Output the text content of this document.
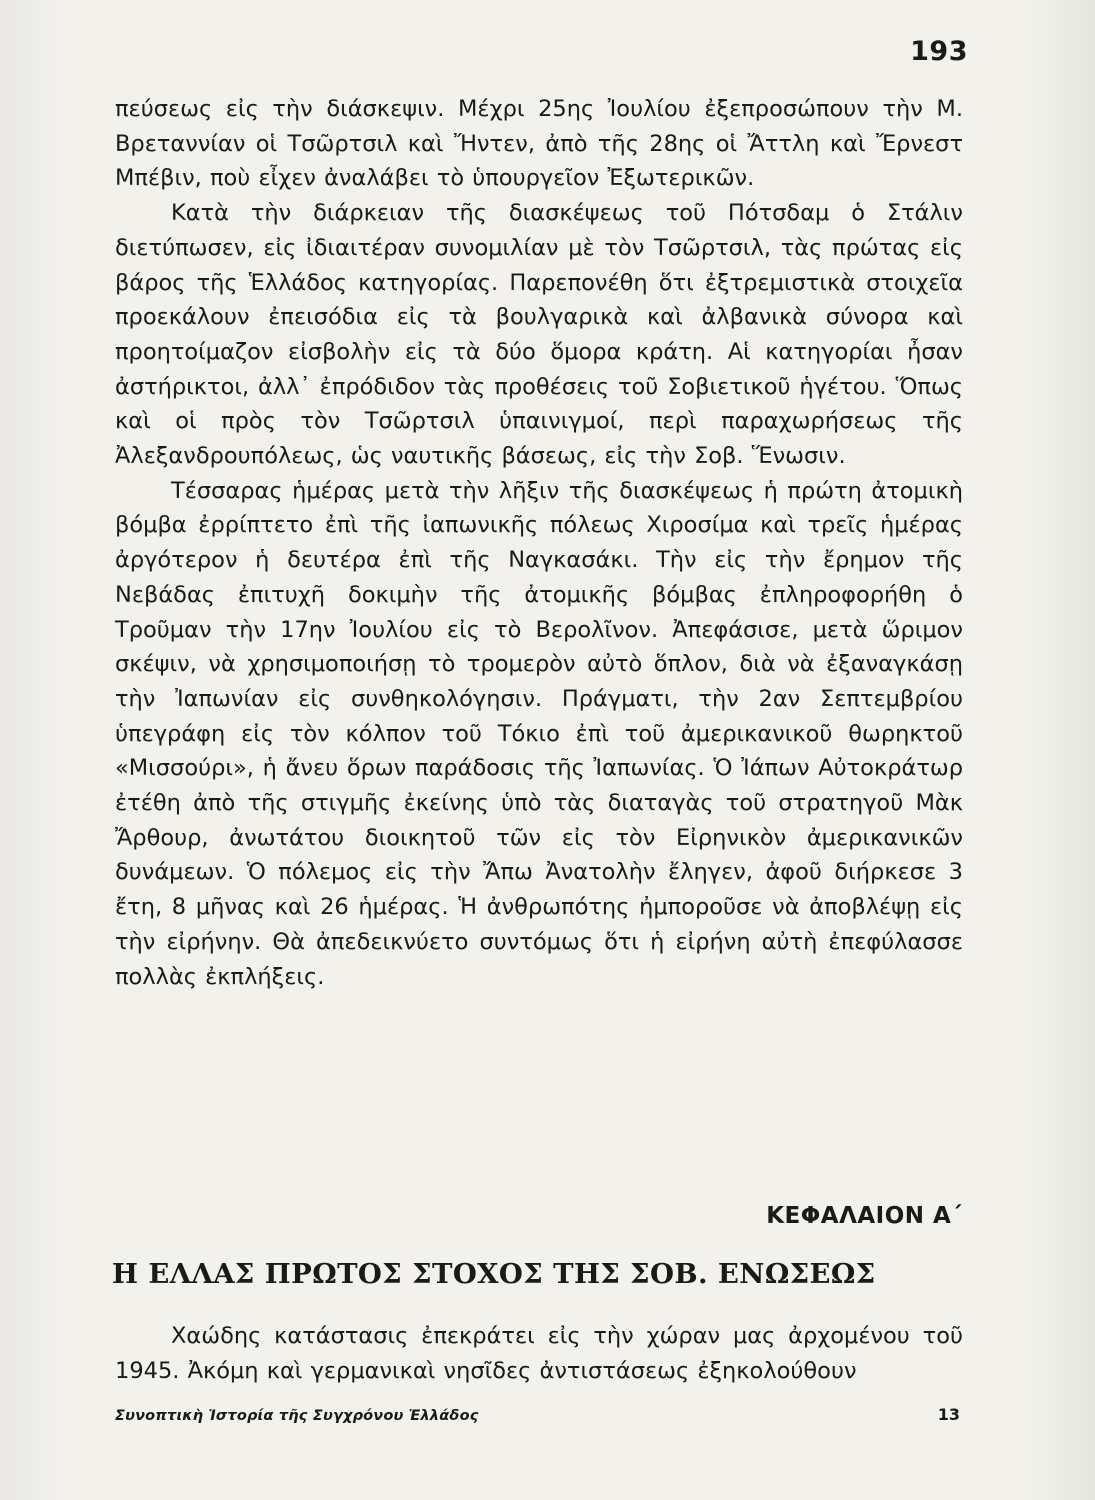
193

πεύσεως εἰς τὴν διάσκεψιν. Μέχρι 25ης Ἰουλίου ἐξεπροσώπουν τὴν Μ. Βρεταννίαν οἱ Τσῶρτσιλ καὶ Ἤντεν, ἀπὸ τῆς 28ης οἱ Ἄττλη καὶ Ἔρνεστ Μπέβιν, ποὺ εἶχεν ἀναλάβει τὸ ὑπουργεῖον Ἐξωτερικῶν.

Κατὰ τὴν διάρκειαν τῆς διασκέψεως τοῦ Πότσδαμ ὁ Στάλιν διετύπωσεν, εἰς ἰδιαιτέραν συνομιλίαν μὲ τὸν Τσῶρτσιλ, τὰς πρώτας εἰς βάρος τῆς Ἑλλάδος κατηγορίας. Παρεπονέθη ὅτι ἐξτρεμιστικὰ στοιχεῖα προεκάλουν ἐπεισόδια εἰς τὰ βουλγαρικὰ καὶ ἀλβανικὰ σύνορα καὶ προητοίμαζον εἰσβολὴν εἰς τὰ δύο ὅμορα κράτη. Αἱ κατηγορίαι ἦσαν ἀστήρικτοι, ἀλλ᾽ ἐπρόδιδον τὰς προθέσεις τοῦ Σοβιετικοῦ ἡγέτου. Ὅπως καὶ οἱ πρὸς τὸν Τσῶρτσιλ ὑπαινιγμοί, περὶ παραχωρήσεως τῆς Ἀλεξανδρουπόλεως, ὡς ναυτικῆς βάσεως, εἰς τὴν Σοβ. Ἕνωσιν.

Τέσσαρας ἡμέρας μετὰ τὴν λῆξιν τῆς διασκέψεως ἡ πρώτη ἀτομικὴ βόμβα ἐρρίπτετο ἐπὶ τῆς ἰαπωνικῆς πόλεως Χιροσίμα καὶ τρεῖς ἡμέρας ἀργότερον ἡ δευτέρα ἐπὶ τῆς Ναγκασάκι. Τὴν εἰς τὴν ἔρημον τῆς Νεβάδας ἐπιτυχῆ δοκιμὴν τῆς ἀτομικῆς βόμβας ἐπληροφορήθη ὁ Τροῦμαν τὴν 17ην Ἰουλίου εἰς τὸ Βερολῖνον. Ἀπεφάσισε, μετὰ ὥριμον σκέψιν, νὰ χρησιμοποιήσῃ τὸ τρομερὸν αὐτὸ ὅπλον, διὰ νὰ ἐξαναγκάσῃ τὴν Ἰαπωνίαν εἰς συνθηκολόγησιν. Πράγματι, τὴν 2αν Σεπτεμβρίου ὑπεγράφη εἰς τὸν κόλπον τοῦ Τόκιο ἐπὶ τοῦ ἀμερικανικοῦ θωρηκτοῦ «Μισσούρι», ἡ ἄνευ ὅρων παράδοσις τῆς Ἰαπωνίας. Ὁ Ἰάπων Αὐτοκράτωρ ἐτέθη ἀπὸ τῆς στιγμῆς ἐκείνης ὑπὸ τὰς διαταγὰς τοῦ στρατηγοῦ Μὰκ Ἄρθουρ, ἀνωτάτου διοικητοῦ τῶν εἰς τὸν Εἰρηνικὸν ἀμερικανικῶν δυνάμεων. Ὁ πόλεμος εἰς τὴν Ἄπω Ἀνατολὴν ἔληγεν, ἀφοῦ διήρκεσε 3 ἔτη, 8 μῆνας καὶ 26 ἡμέρας. Ἡ ἀνθρωπότης ἠμποροῦσε νὰ ἀποβλέψῃ εἰς τὴν εἰρήνην. Θὰ ἀπεδεικνύετο συντόμως ὅτι ἡ εἰρήνη αὐτὴ ἐπεφύλασσε πολλὰς ἐκπλήξεις.

ΚΕΦΑΛΑΙΟΝ Α΄
Η ΕΛΛΑΣ ΠΡΩΤΟΣ ΣΤΟΧΟΣ ΤΗΣ ΣΟΒ. ΕΝΩΣΕΩΣ

Χαώδης κατάστασις ἐπεκράτει εἰς τὴν χώραν μας ἀρχομένου τοῦ 1945. Ἀκόμη καὶ γερμανικαὶ νησῖδες ἀντιστάσεως ἐξηκολούθουν

Συνοπτικὴ Ἱστορία τῆς Συγχρόνου Ἑλλάδος	13
